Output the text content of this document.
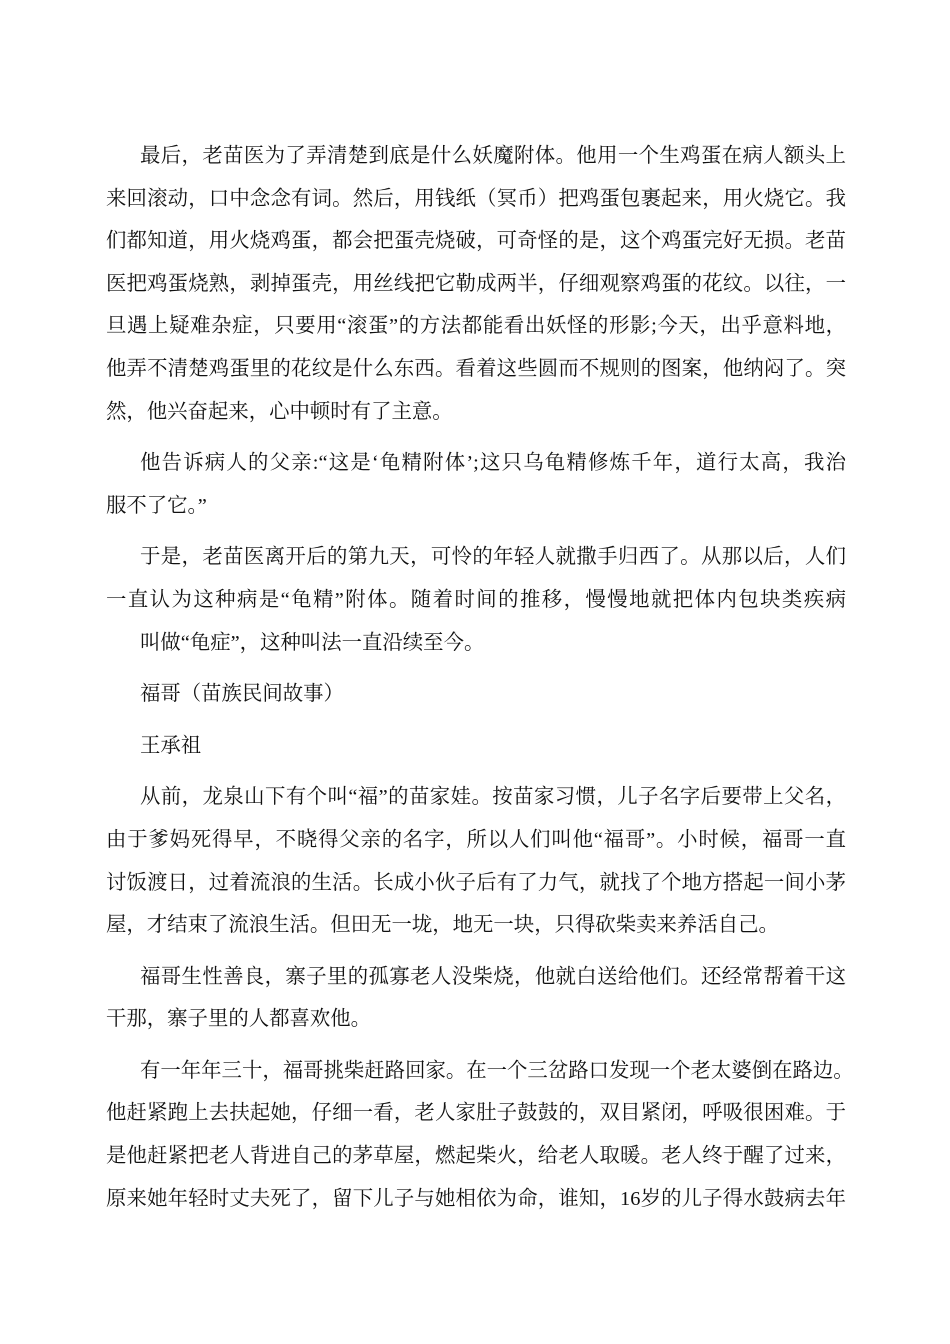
最后，老苗医为了弄清楚到底是什么妖魔附体。他用一个生鸡蛋在病人额头上
来回滚动，口中念念有词。然后，用钱纸（冥币）把鸡蛋包裹起来，用火烧它。我
们都知道，用火烧鸡蛋，都会把蛋壳烧破，可奇怪的是，这个鸡蛋完好无损。老苗
医把鸡蛋烧熟，剥掉蛋壳，用丝线把它勒成两半，仔细观察鸡蛋的花纹。以往，一
旦遇上疑难杂症，只要用“滚蛋”的方法都能看出妖怪的形影;今天，出乎意料地，
他弄不清楚鸡蛋里的花纹是什么东西。看着这些圆而不规则的图案，他纳闷了。突
然，他兴奋起来，心中顿时有了主意。
他告诉病人的父亲:“这是‘龟精附体’;这只乌龟精修炼千年，道行太高，我治
服不了它。”
于是，老苗医离开后的第九天，可怜的年轻人就撒手归西了。从那以后，人们
一直认为这种病是“龟精”附体。随着时间的推移，慢慢地就把体内包块类疾病
叫做“龟症”，这种叫法一直沿续至今。
福哥（苗族民间故事）
王承祖
从前，龙泉山下有个叫“福”的苗家娃。按苗家习惯，儿子名字后要带上父名，
由于爹妈死得早，不晓得父亲的名字，所以人们叫他“福哥”。小时候，福哥一直
讨饭渡日，过着流浪的生活。长成小伙子后有了力气，就找了个地方搭起一间小茅
屋，才结束了流浪生活。但田无一垅，地无一块，只得砍柴卖来养活自己。
福哥生性善良，寨子里的孤寡老人没柴烧，他就白送给他们。还经常帮着干这
干那，寨子里的人都喜欢他。
有一年年三十，福哥挑柴赶路回家。在一个三岔路口发现一个老太婆倒在路边。
他赶紧跑上去扶起她，仔细一看，老人家肚子鼓鼓的，双目紧闭，呼吸很困难。于
是他赶紧把老人背进自己的茅草屋，燃起柴火，给老人取暖。老人终于醒了过来，
原来她年轻时丈夫死了，留下儿子与她相依为命，谁知，16岁的儿子得水鼓病去年
